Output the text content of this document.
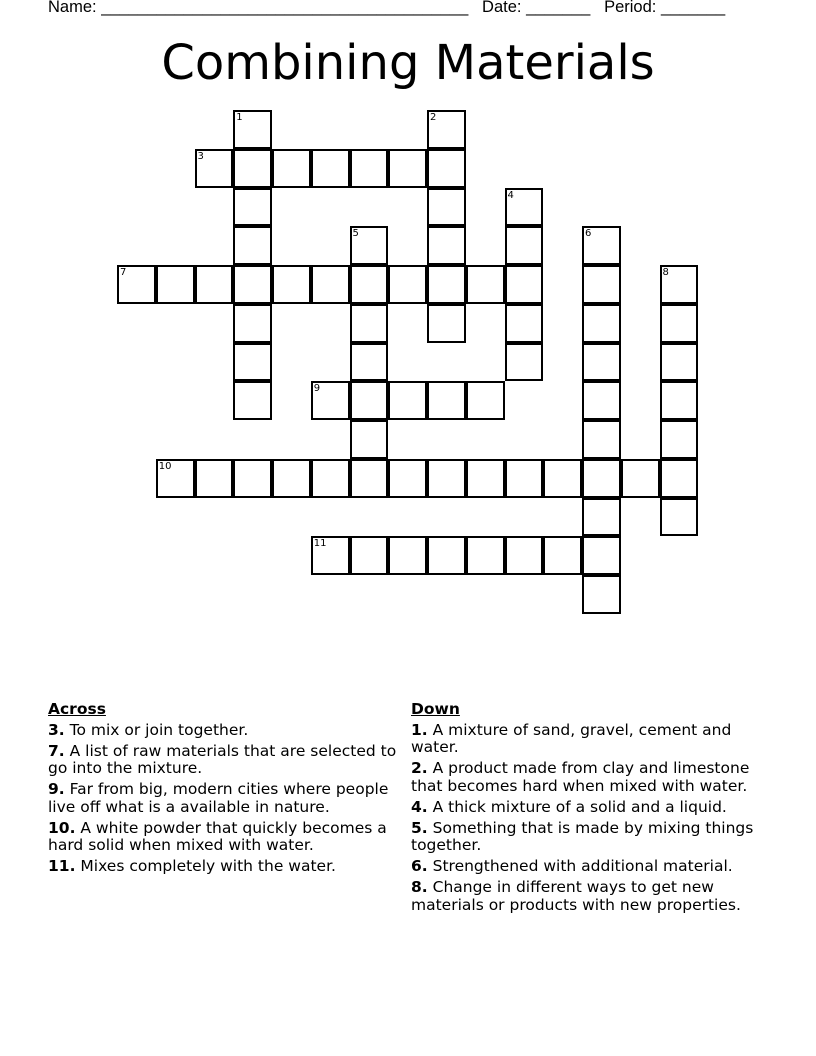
Name: ________________________________________ Date: _______ Period: _______
Combining Materials
1	2
3
4
5	6
7	8
9
10
11
Across
3. To mix or join together.
7. A list of raw materials that are selected to go into the mixture.
9. Far from big, modern cities where people live off what is a available in nature.
10. A white powder that quickly becomes a hard solid when mixed with water.
11. Mixes completely with the water.
Down
1. A mixture of sand, gravel, cement and water.
2. A product made from clay and limestone that becomes hard when mixed with water.
4. A thick mixture of a solid and a liquid.
5. Something that is made by mixing things together.
6. Strengthened with additional material.
8. Change in different ways to get new materials or products with new properties.
